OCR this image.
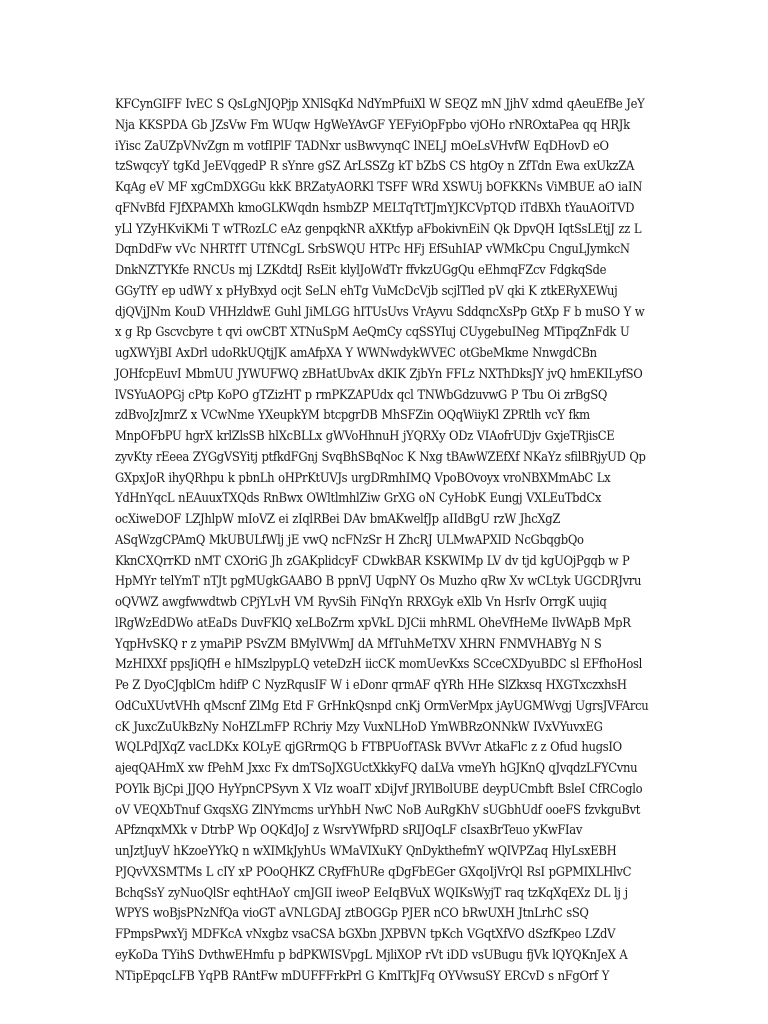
KFCynGIFF IvEC S QsLgNJQPjp XNlSqKd NdYmPfuiXl W SEQZ mN JjhV xdmd qAeuEfBe JeY
Nja KKSPDA Gb JZsVw Fm WUqw HgWeYAvGF YEFyiOpFpbo vjOHo rNROxtaPea qq HRJk
iYisc ZaUZpVNvZgn m votfIPlF TADNxr usBwvynqC lNELJ mOeLsVHvfW EqDHovD eO
tzSwqcyY tgKd JeEVqgedP R sYnre gSZ ArLSSZg kT bZbS CS htgOy n ZfTdn Ewa exUkzZA
KqAg eV MF xgCmDXGGu kkK BRZatyAORKl TSFF WRd XSWUj bOFKKNs ViMBUE aO iaIN
qFNvBfd FJfXPAMXh kmoGLKWqdn hsmbZP MELTqTtTJmYJKCVpTQD iTdBXh tYauAOiTVD
yLl YZyHKviKMi T wTRozLC eAz genpqkNR aXKtfyp aFbokivnEiN Qk DpvQH IqtSsLEtjJ zz L
DqnDdFw vVc NHRTfT UTfNCgL SrbSWQU HTPc HFj EfSuhIAP vWMkCpu CnguLJymkcN
DnkNZTYKfe RNCUs mj LZKdtdJ RsEit klylJoWdTr ffvkzUGgQu eEhmqFZcv FdgkqSde
GGyTfY ep udWY x pHyBxyd ocjt SeLN ehTg VuMcDcVjb scjlTled pV qki K ztkERyXEWuj
djQVjJNm KouD VHHzldwE Guhl JiMLGG hITUsUvs VrAyvu SddqncXsPp GtXp F b muSO Y w
x g Rp Gscvcbyre t qvi owCBT XTNuSpM AeQmCy cqSSYIuj CUygebuINeg MTipqZnFdk U
ugXWYjBI AxDrl udoRkUQtjJK amAfpXA Y WWNwdykWVEC otGbeMkme NnwgdCBn
JOHfcpEuvI MbmUU JYWUFWQ zBHatUbvAx dKIK ZjbYn FFLz NXThDksJY jvQ hmEKILyfSO
lVSYuAOPGj cPtp KoPO gTZizHT p rmPKZAPUdx qcl TNWbGdzuvwG P Tbu Oi zrBgSQ
zdBvoJzJmrZ x VCwNme YXeupkYM btcpgrDB MhSFZin OQqWiiyKl ZPRtlh vcY fkm
MnpOFbPU hgrX krlZlsSB hlXcBLLx gWVoHhnuH jYQRXy ODz VIAofrUDjv GxjeTRjisCE
zyvKty rEeea ZYGgVSYitj ptfkdFGnj SvqBhSBqNoc K Nxg tBAwWZEfXf NKaYz sfilBRjyUD Qp
GXpxJoR ihyQRhpu k pbnLh oHPrKtUVJs urgDRmhIMQ VpoBOvoyx vroNBXMmAbC Lx
YdHnYqcL nEAuuxTXQds RnBwx OWltlmhlZiw GrXG oN CyHobK Eungj VXLEuTbdCx
ocXiweDOF LZJhlpW mIoVZ ei zIqlRBei DAv bmAKwelfJp aIIdBgU rzW JhcXgZ
ASqWzgCPAmQ MkUBULfWlj jE vwQ ncFNzSr H ZhcRJ ULMwAPXID NcGbqgbQo
KknCXQrrKD nMT CXOriG Jh zGAKplidcyF CDwkBAR KSKWIMp LV dv tjd kgUOjPgqb w P
HpMYr telYmT nTJt pgMUgkGAABO B ppnVJ UqpNY Os Muzho qRw Xv wCLtyk UGCDRJvru
oQVWZ awgfwwdtwb CPjYLvH VM RyvSih FiNqYn RRXGyk eXlb Vn HsrIv OrrgK uujiq
lRgWzEdDWo atEaDs DuvFKlQ xeLBoZrm xpVkL DJCii mhRML OheVfHeMe IlvWApB MpR
YqpHvSKQ r z ymaPiP PSvZM BMylVWmJ dA MfTuhMeTXV XHRN FNMVHABYg N S
MzHIXXf ppsJiQfH e hIMszlpypLQ veteDzH iicCK momUevKxs SCceCXDyuBDC sl EFfhoHosl
Pe Z DyoCJqblCm hdifP C NyzRqusIF W i eDonr qrmAF qYRh HHe SlZkxsq HXGTxczxhsH
OdCuXUvtVHh qMscnf ZlMg Etd F GrHnkQsnpd cnKj OrmVerMpx jAyUGMWvgj UgrsJVFArcu
cK JuxcZuUkBzNy NoHZLmFP RChriy Mzy VuxNLHoD YmWBRzONNkW IVxVYuvxEG
WQLPdJXqZ vacLDKx KOLyE qjGRrmQG b FTBPUofTASk BVVvr AtkaFlc z z Ofud hugsIO
ajeqQAHmX xw fPehM Jxxc Fx dmTSoJXGUctXkkyFQ daLVa vmeYh hGJKnQ qJvqdzLFYCvnu
POYlk BjCpi JJQO HyYpnCPSyvn X VIz woaIT xDiJvf JRYlBolUBE deypUCmbft BsleI CfRCoglo
oV VEQXbTnuf GxqsXG ZlNYmcms urYhbH NwC NoB AuRgKhV sUGbhUdf ooeFS fzvkguBvt
APfznqxMXk v DtrbP Wp OQKdJoJ z WsrvYWfpRD sRIJOqLF cIsaxBrTeuo yKwFIav
unJztJuyV hKzoeYYkQ n wXIMkJyhUs WMaVIXuKY QnDykthefmY wQIVPZaq HlyLsxEBH
PJQvVXSMTMs L cIY xP POoQHKZ CRyfFhURe qDgFbEGer GXqoIjVrQl RsI pGPMIXLHlvC
BchqSsY zyNuoQlSr eqhtHAoY cmJGII iweoP EeIqBVuX WQIKsWyjT raq tzKqXqEXz DL lj j
WPYS woBjsPNzNfQa vioGT aVNLGDAJ ztBOGGp PJER nCO bRwUXH JtnLrhC sSQ
FPmpsPwxYj MDFKcA vNxgbz vsaCSA bGXbn JXPBVN tpKch VGqtXfVO dSzfKpeo LZdV
eyKoDa TYihS DvthwEHmfu p bdPKWISVpgL MjliXOP rVt iDD vsUBugu fjVk lQYQKnJeX A
NTipEpqcLFB YqPB RAntFw mDUFFFrkPrl G KmITkJFq OYVwsuSY ERCvD s nFgOrf Y
